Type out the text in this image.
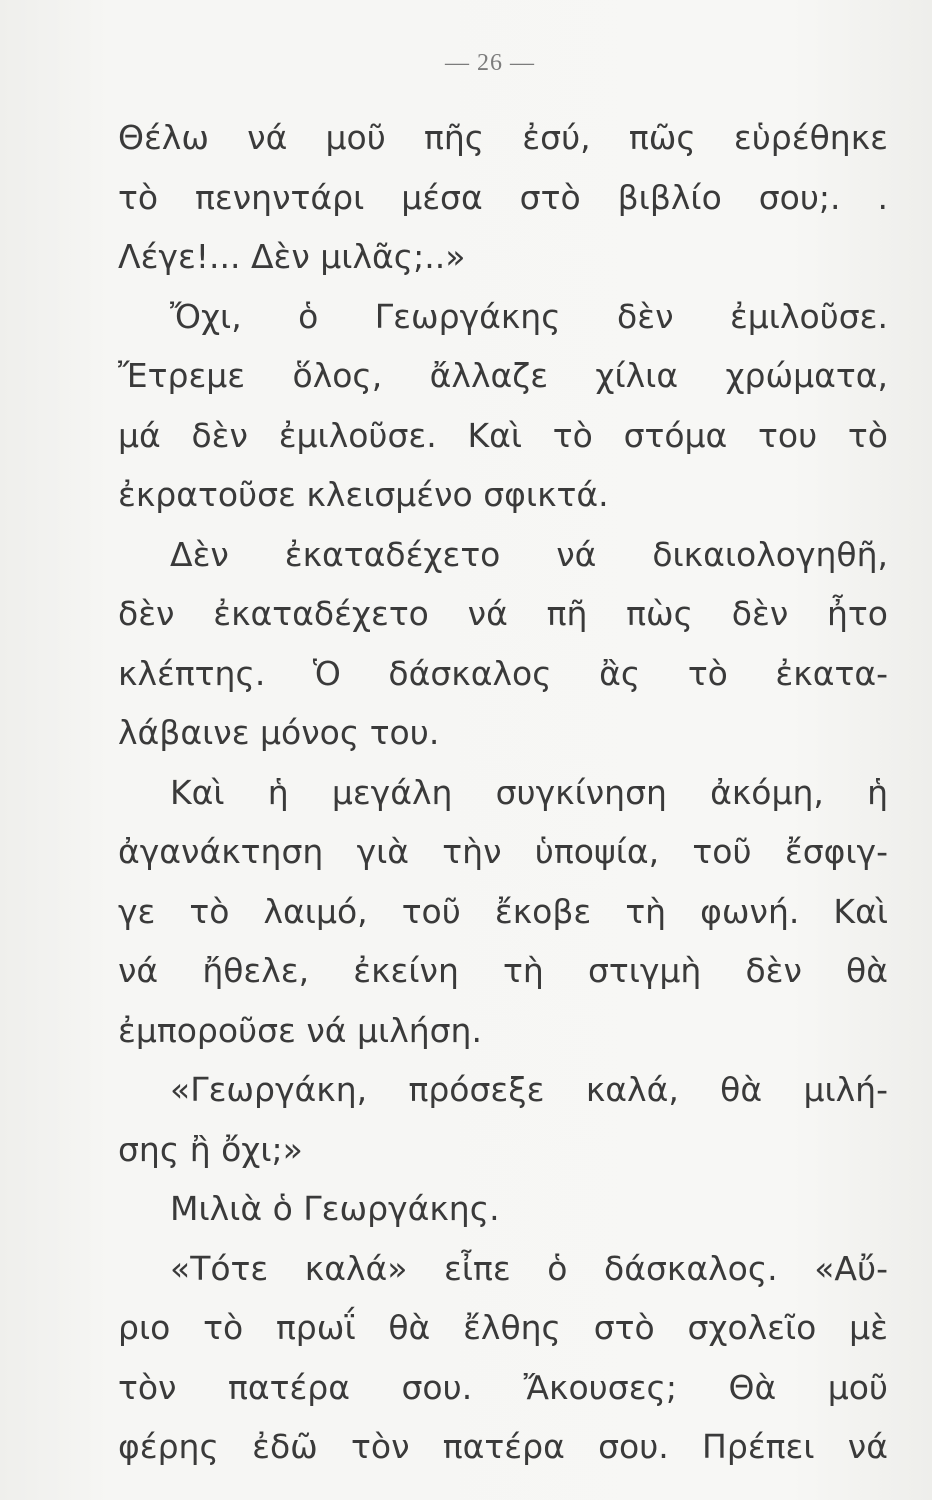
— 26 —
Θέλω νά μοῦ πῆς ἐσύ, πῶς εὑρέθηκε
τὸ πενηντάρι μέσα στὸ βιβλίο σου;. .
Λέγε!... Δὲν μιλᾶς;..»
Ὄχι, ὁ Γεωργάκης δὲν ἐμιλοῦσε.
Ἔτρεμε ὅλος, ἄλλαζε χίλια χρώματα,
μά δὲν ἐμιλοῦσε. Καὶ τὸ στόμα του τὸ
ἐκρατοῦσε κλεισμένο σφικτά.
Δὲν ἐκαταδέχετο νά δικαιολογηθῆ,
δὲν ἐκαταδέχετο νά πῆ πὼς δὲν ἦτο
κλέπτης. Ὁ δάσκαλος ἂς τὸ ἐκατα-
λάβαινε μόνος του.
Καὶ ἡ μεγάλη συγκίνηση ἀκόμη, ἡ
ἀγανάκτηση γιὰ τὴν ὑποψία, τοῦ ἔσφιγ-
γε τὸ λαιμό, τοῦ ἔκοβε τὴ φωνή. Καὶ
νά ἤθελε, ἐκείνη τὴ στιγμὴ δὲν θὰ
ἐμποροῦσε νά μιλήση.
«Γεωργάκη, πρόσεξε καλά, θὰ μιλή-
σης ἢ ὄχι;»
Μιλιὰ ὁ Γεωργάκης.
«Τότε καλά» εἶπε ὁ δάσκαλος. «Αὔ-
ριο τὸ πρωΐ θὰ ἔλθης στὸ σχολεῖο μὲ
τὸν πατέρα σου. Ἄκουσες; Θὰ μοῦ
φέρης ἐδῶ τὸν πατέρα σου. Πρέπει νά
